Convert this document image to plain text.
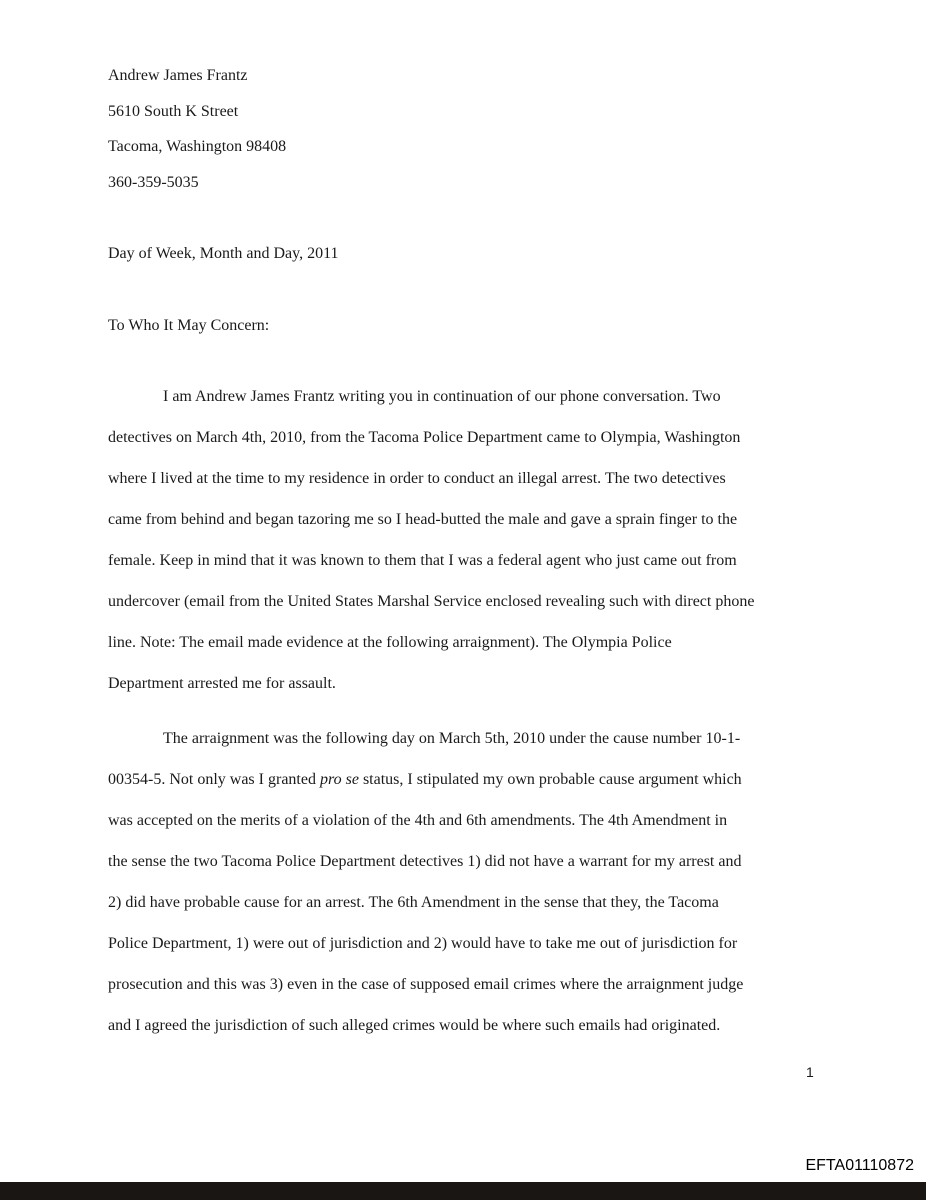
Andrew James Frantz
5610 South K Street
Tacoma, Washington 98408
360-359-5035
Day of Week, Month and Day, 2011
To Who It May Concern:
I am Andrew James Frantz writing you in continuation of our phone conversation. Two
detectives on March 4th, 2010, from the Tacoma Police Department came to Olympia, Washington
where I lived at the time to my residence in order to conduct an illegal arrest. The two detectives
came from behind and began tazoring me so I head-butted the male and gave a sprain finger to the
female. Keep in mind that it was known to them that I was a federal agent who just came out from
undercover (email from the United States Marshal Service enclosed revealing such with direct phone
line. Note: The email made evidence at the following arraignment). The Olympia Police
Department arrested me for assault.
The arraignment was the following day on March 5th, 2010 under the cause number 10-1-
00354-5. Not only was I granted pro se status, I stipulated my own probable cause argument which
was accepted on the merits of a violation of the 4th and 6th amendments. The 4th Amendment in
the sense the two Tacoma Police Department detectives 1) did not have a warrant for my arrest and
2) did have probable cause for an arrest. The 6th Amendment in the sense that they, the Tacoma
Police Department, 1) were out of jurisdiction and 2) would have to take me out of jurisdiction for
prosecution and this was 3) even in the case of supposed email crimes where the arraignment judge
and I agreed the jurisdiction of such alleged crimes would be where such emails had originated.
1
EFTA01110872
